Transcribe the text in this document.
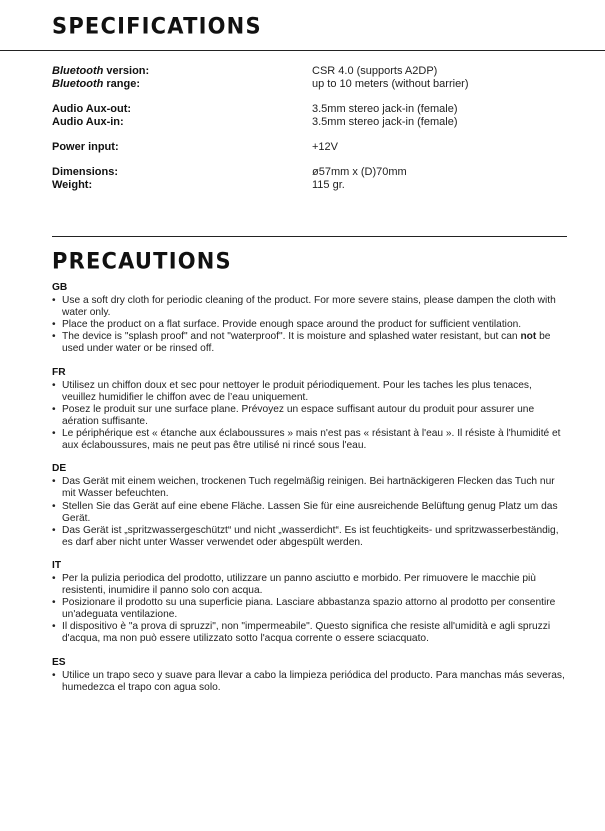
SPECIFICATIONS
Bluetooth version:	CSR 4.0 (supports A2DP)
Bluetooth range:	up to 10 meters (without barrier)
Audio Aux-out:	3.5mm stereo jack-in (female)
Audio Aux-in:	3.5mm stereo jack-in (female)
Power input:	+12V
Dimensions:	ø57mm x (D)70mm
Weight:	115 gr.
PRECAUTIONS
GB
• Use a soft dry cloth for periodic cleaning of the product. For more severe stains, please dampen the cloth with water only.
• Place the product on a flat surface. Provide enough space around the product for sufficient ventilation.
• The device is "splash proof" and not "waterproof". It is moisture and splashed water resistant, but can not be used under water or be rinsed off.
FR
• Utilisez un chiffon doux et sec pour nettoyer le produit périodiquement. Pour les taches les plus tenaces, veuillez humidifier le chiffon avec de l’eau uniquement.
• Posez le produit sur une surface plane. Prévoyez un espace suffisant autour du produit pour assurer une aération suffisante.
• Le périphérique est « étanche aux éclaboussures » mais n'est pas « résistant à l'eau ». Il résiste à l'humidité et aux éclaboussures, mais ne peut pas être utilisé ni rincé sous l'eau.
DE
• Das Gerät mit einem weichen, trockenen Tuch regelmäßig reinigen. Bei hartnäckigeren Flecken das Tuch nur mit Wasser befeuchten.
• Stellen Sie das Gerät auf eine ebene Fläche. Lassen Sie für eine ausreichende Belüftung genug Platz um das Gerät.
• Das Gerät ist „spritzwassergeschützt“ und nicht „wasserdicht“. Es ist feuchtigkeits- und spritzwasserbeständig, es darf aber nicht unter Wasser verwendet oder abgespült werden.
IT
• Per la pulizia periodica del prodotto, utilizzare un panno asciutto e morbido. Per rimuovere le macchie più resistenti, inumidire il panno solo con acqua.
• Posizionare il prodotto su una superficie piana. Lasciare abbastanza spazio attorno al prodotto per consentire un'adeguata ventilazione.
• Il dispositivo è "a prova di spruzzi", non "impermeabile". Questo significa che resiste all'umidità e agli spruzzi d'acqua, ma non può essere utilizzato sotto l'acqua corrente o essere sciacquato.
ES
• Utilice un trapo seco y suave para llevar a cabo la limpieza periódica del producto. Para manchas más severas, humedezca el trapo con agua solo.
